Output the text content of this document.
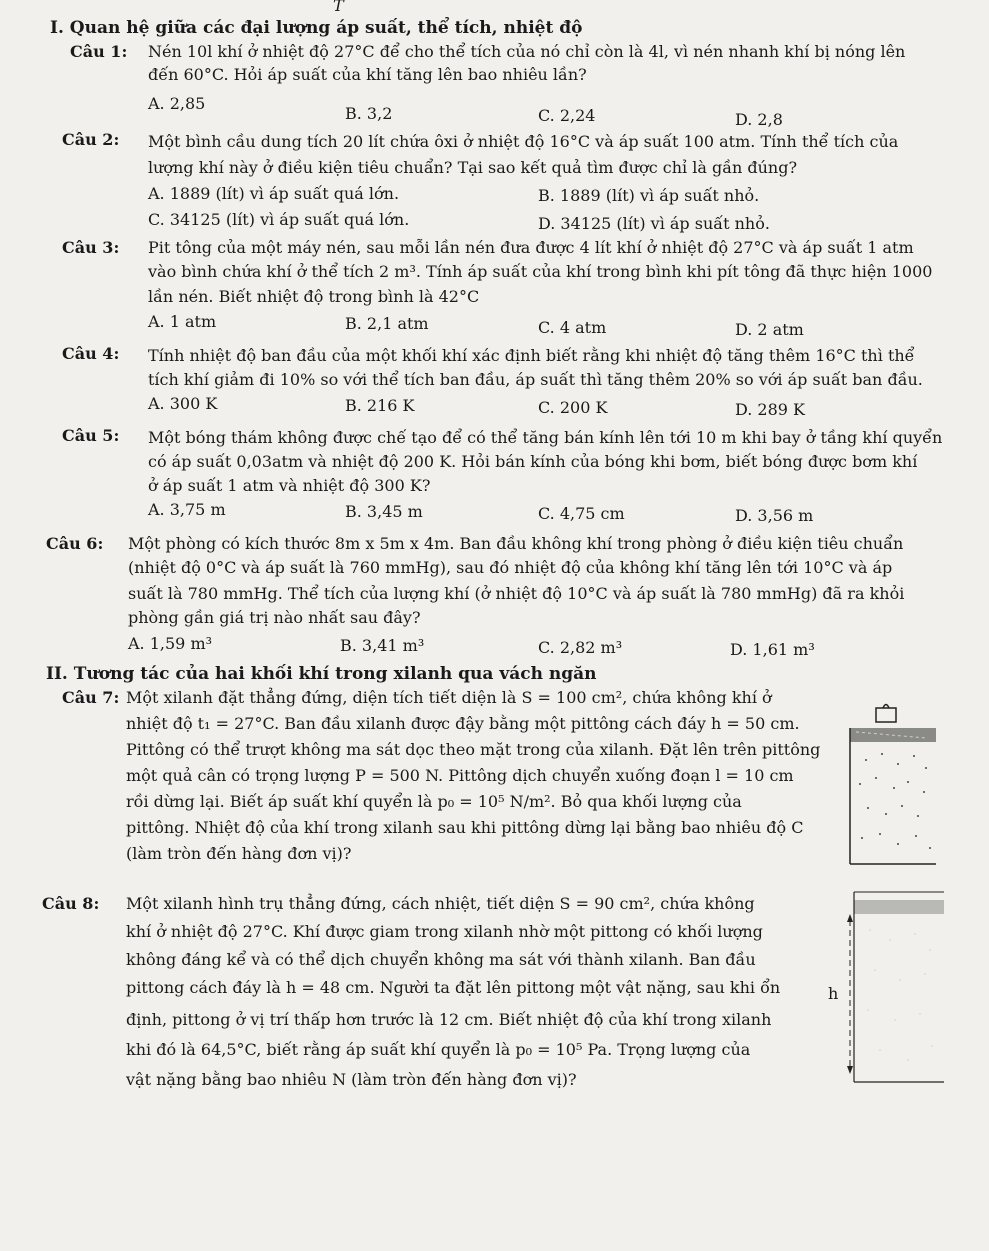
T
I. Quan hệ giữa các đại lượng áp suất, thể tích, nhiệt độ
Câu 1: Nén 10l khí ở nhiệt độ 27°C để cho thể tích của nó chỉ còn là 4l, vì nén nhanh khí bị nóng lên
đến 60°C. Hỏi áp suất của khí tăng lên bao nhiêu lần?
A. 2,85
B. 3,2	C. 2,24	D. 2,8
Câu 2: Một bình cầu dung tích 20 lít chứa ôxi ở nhiệt độ 16°C và áp suất 100 atm. Tính thể tích của
lượng khí này ở điều kiện tiêu chuẩn? Tại sao kết quả tìm được chỉ là gần đúng?
A. 1889 (lít) vì áp suất quá lớn.	B. 1889 (lít) vì áp suất nhỏ.
C. 34125 (lít) vì áp suất quá lớn.	D. 34125 (lít) vì áp suất nhỏ.
Câu 3: Pit tông của một máy nén, sau mỗi lần nén đưa được 4 lít khí ở nhiệt độ 27°C và áp suất 1 atm
vào bình chứa khí ở thể tích 2 m³. Tính áp suất của khí trong bình khi pít tông đã thực hiện 1000
lần nén. Biết nhiệt độ trong bình là 42°C
A. 1 atm	B. 2,1 atm	C. 4 atm	D. 2 atm
Câu 4: Tính nhiệt độ ban đầu của một khối khí xác định biết rằng khi nhiệt độ tăng thêm 16°C thì thể
tích khí giảm đi 10% so với thể tích ban đầu, áp suất thì tăng thêm 20% so với áp suất ban đầu.
A. 300 K	B. 216 K	C. 200 K	D. 289 K
Câu 5: Một bóng thám không được chế tạo để có thể tăng bán kính lên tới 10 m khi bay ở tầng khí quyển
có áp suất 0,03atm và nhiệt độ 200 K. Hỏi bán kính của bóng khi bơm, biết bóng được bơm khí
ở áp suất 1 atm và nhiệt độ 300 K?
A. 3,75 m	B. 3,45 m	C. 4,75 cm	D. 3,56 m
Câu 6: Một phòng có kích thước 8m x 5m x 4m. Ban đầu không khí trong phòng ở điều kiện tiêu chuẩn
(nhiệt độ 0°C và áp suất là 760 mmHg), sau đó nhiệt độ của không khí tăng lên tới 10°C và áp
suất là 780 mmHg. Thể tích của lượng khí (ở nhiệt độ 10°C và áp suất là 780 mmHg) đã ra khỏi
phòng gần giá trị nào nhất sau đây?
A. 1,59 m³	B. 3,41 m³	C. 2,82 m³	D. 1,61 m³
II. Tương tác của hai khối khí trong xilanh qua vách ngăn
Câu 7: Một xilanh đặt thẳng đứng, diện tích tiết diện là S = 100 cm², chứa không khí ở
nhiệt độ t₁ = 27°C. Ban đầu xilanh được đậy bằng một pittông cách đáy h = 50 cm.
Pittông có thể trượt không ma sát dọc theo mặt trong của xilanh. Đặt lên trên pittông
một quả cân có trọng lượng P = 500 N. Pittông dịch chuyển xuống đoạn l = 10 cm
rồi dừng lại. Biết áp suất khí quyển là p₀ = 10⁵ N/m². Bỏ qua khối lượng của
pittông. Nhiệt độ của khí trong xilanh sau khi pittông dừng lại bằng bao nhiêu độ C
(làm tròn đến hàng đơn vị)?
Câu 8: Một xilanh hình trụ thẳng đứng, cách nhiệt, tiết diện S = 90 cm², chứa không
khí ở nhiệt độ 27°C. Khí được giam trong xilanh nhờ một pittong có khối lượng
không đáng kể và có thể dịch chuyển không ma sát với thành xilanh. Ban đầu
pittong cách đáy là h = 48 cm. Người ta đặt lên pittong một vật nặng, sau khi ổn
định, pittong ở vị trí thấp hơn trước là 12 cm. Biết nhiệt độ của khí trong xilanh
khi đó là 64,5°C, biết rằng áp suất khí quyển là p₀ = 10⁵ Pa. Trọng lượng của
vật nặng bằng bao nhiêu N (làm tròn đến hàng đơn vị)?
h
